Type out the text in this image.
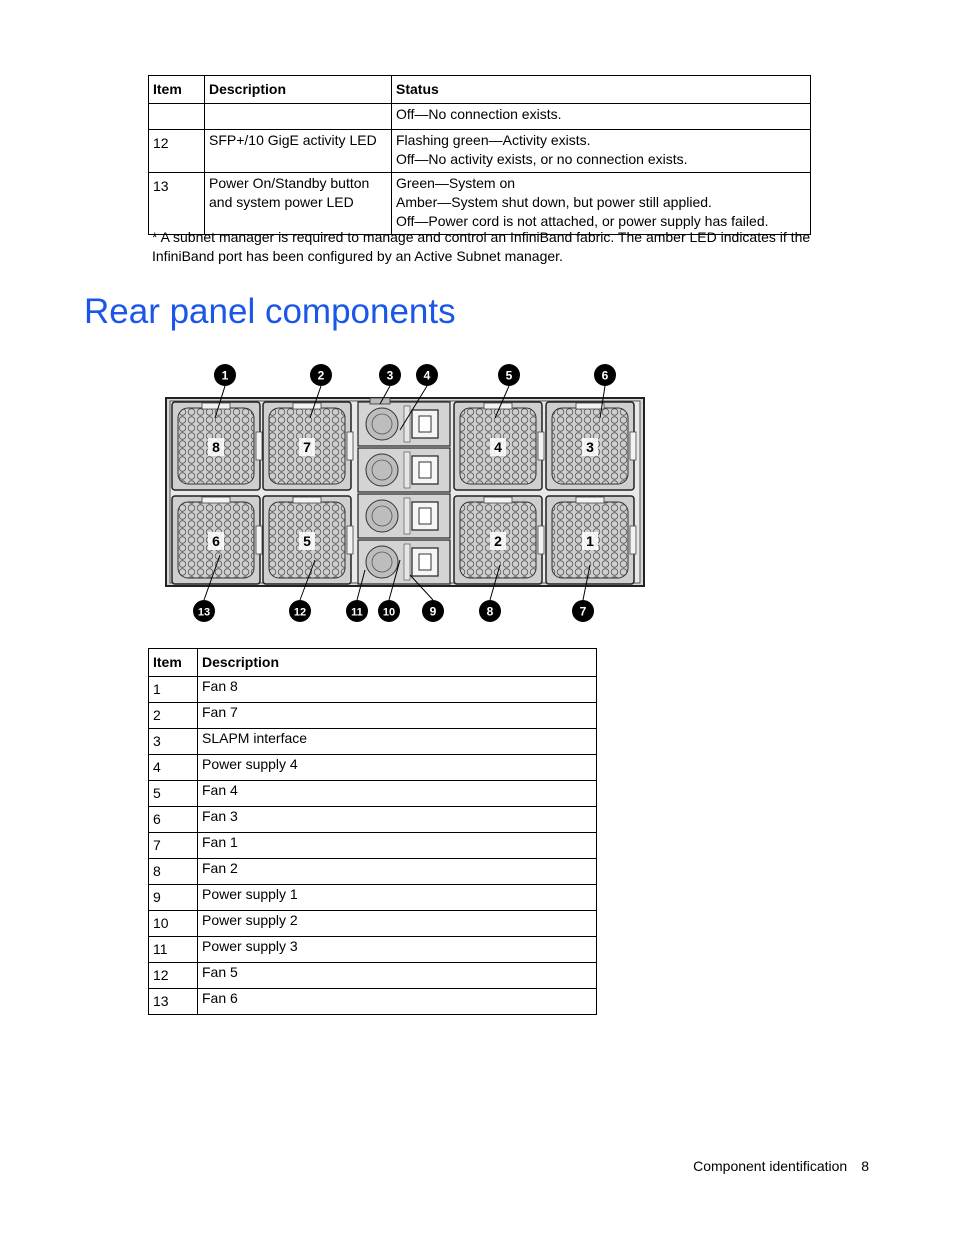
Item	Description	Status

		Off—No connection exists.

12	SFP+/10 GigE activity LED	Flashing green—Activity exists.
Off—No activity exists, or no connection exists.

13	Power On/Standby button and system power LED	Green—System on
Amber—System shut down, but power still applied.
Off—Power cord is not attached, or power supply has failed.
* A subnet manager is required to manage and control an InfiniBand fabric. The amber LED indicates if the InfiniBand port has been configured by an Active Subnet manager.
Rear panel components
8	7	4	3
6	5	2	1
1	2	3	4	5	6
13	12	11 10	9	8	7
Item	Description
1	Fan 8
2	Fan 7
3	SLAPM interface
4	Power supply 4
5	Fan 4
6	Fan 3
7	Fan 1
8	Fan 2
9	Power supply 1
10	Power supply 2
11	Power supply 3
12	Fan 5
13	Fan 6
Component identification 8
